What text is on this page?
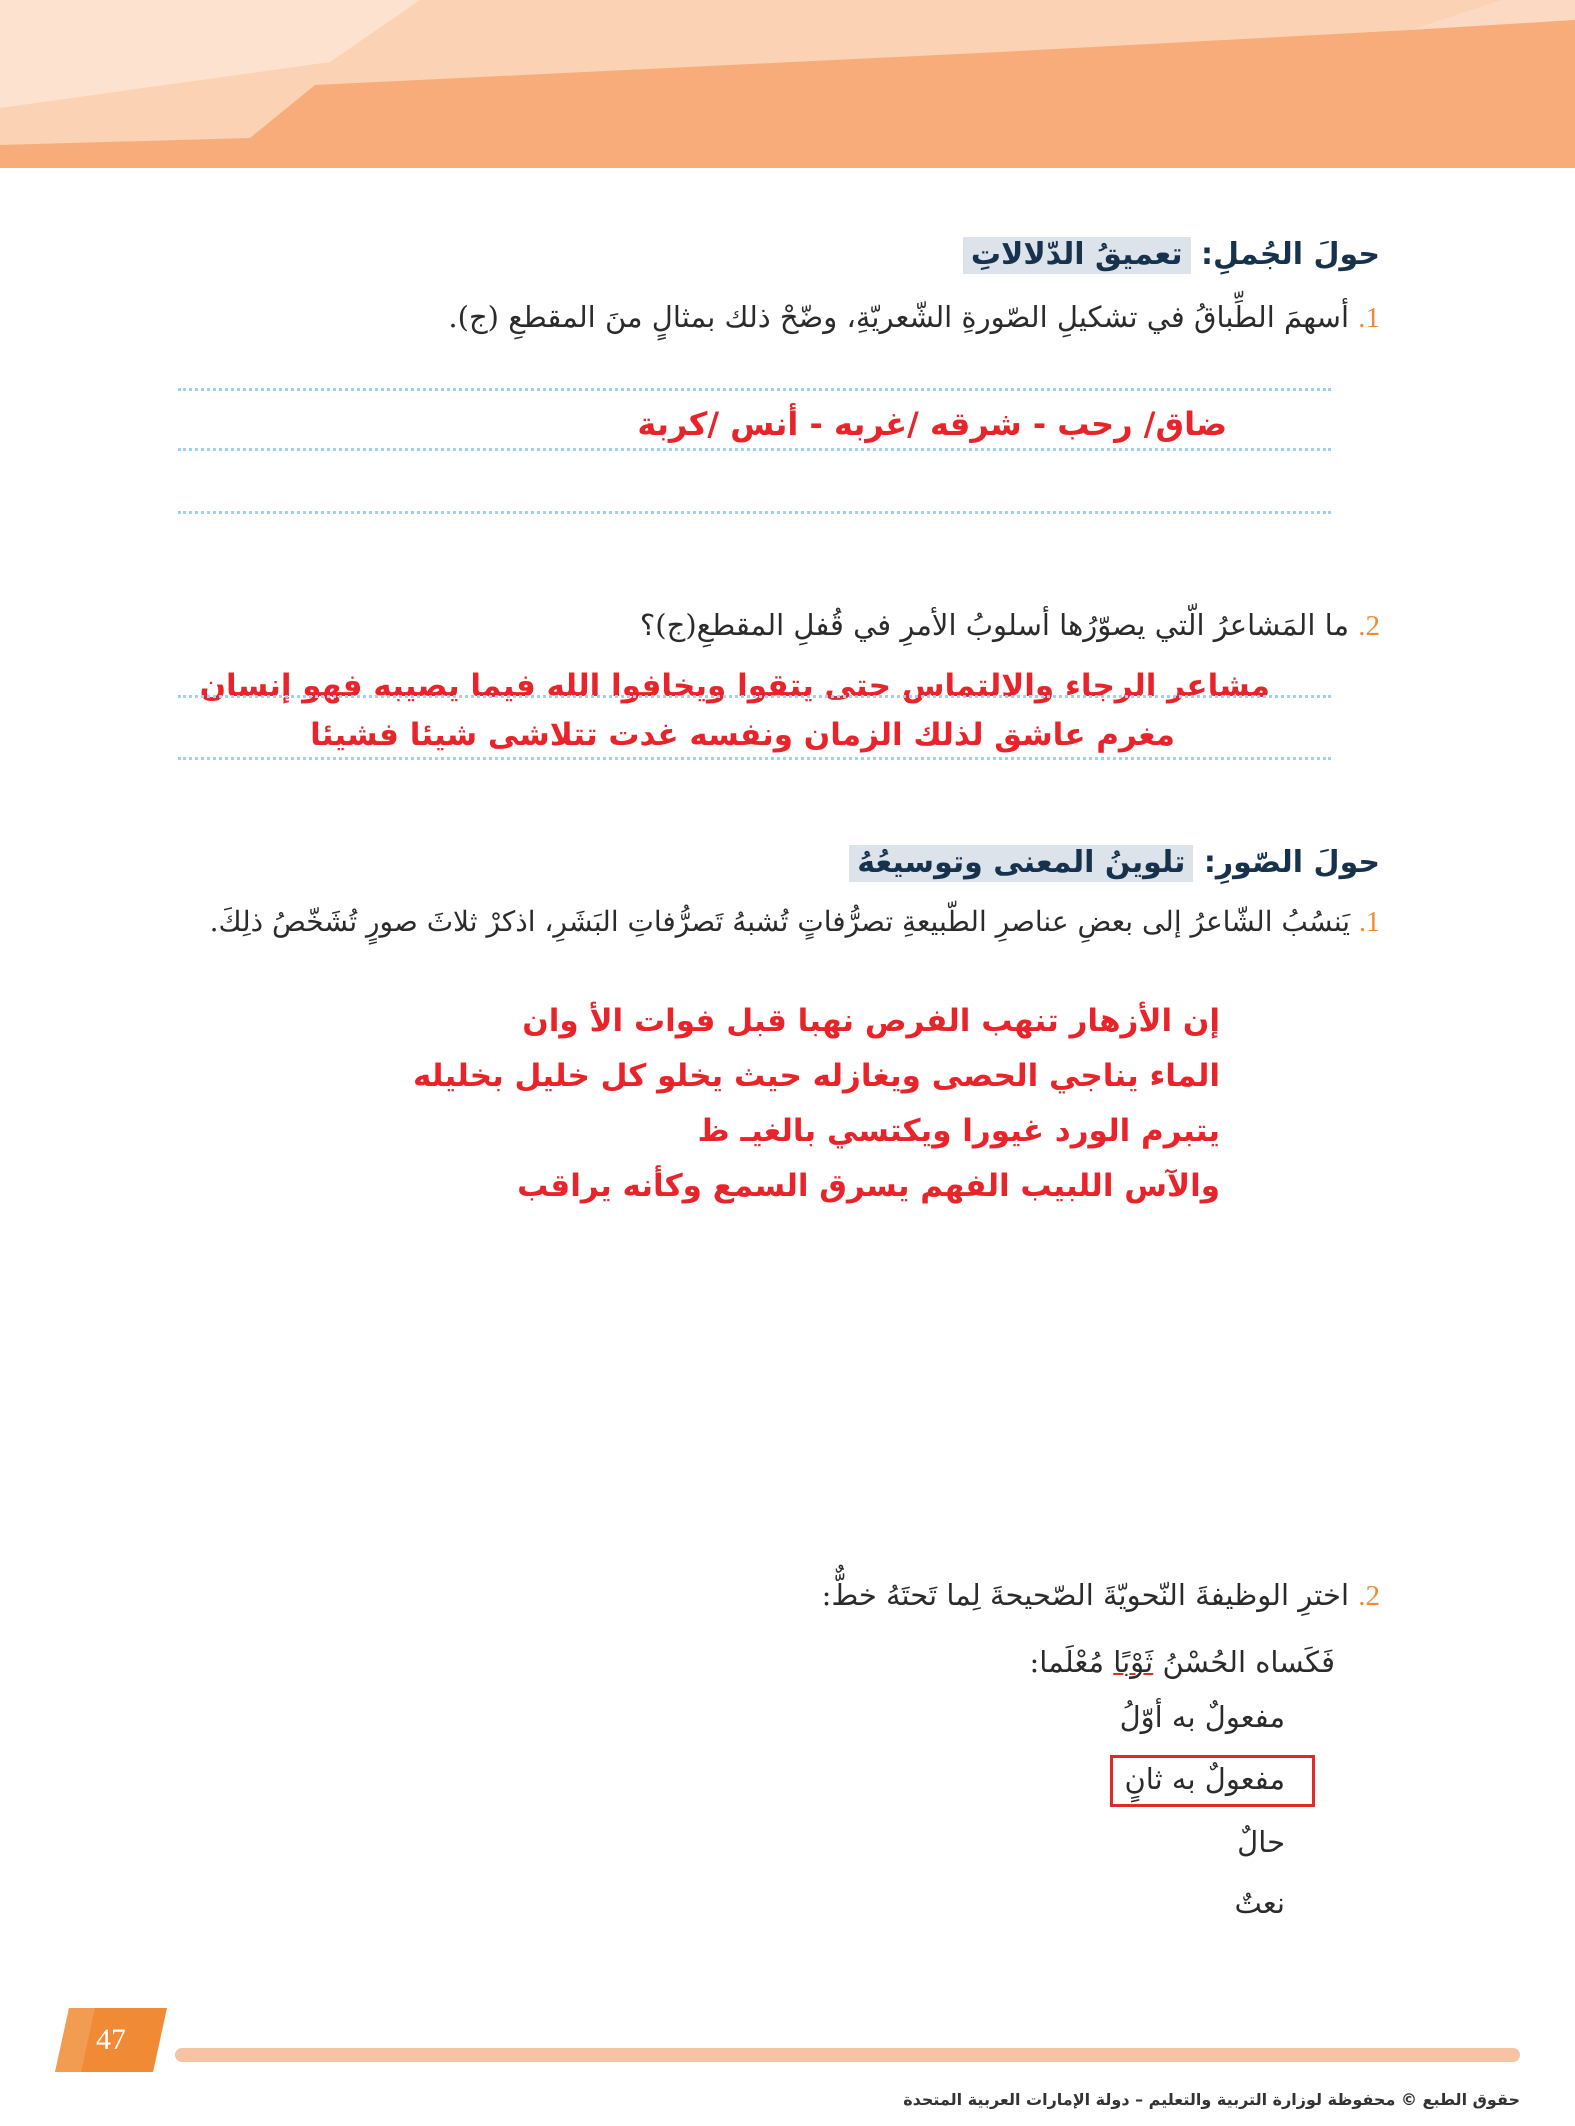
حولَ الجُملِ: تعميقُ الدّلالاتِ
1. أسهمَ الطِّباقُ في تشكيلِ الصّورةِ الشّعريّةِ، وضّحْ ذلك بمثالٍ منَ المقطعِ (ج).
ضاق/ رحب - شرقه /غربه - أنس /كربة
2. ما المَشاعرُ الّتي يصوّرُها أسلوبُ الأمرِ في قُفلِ المقطعِ(ج)؟
مشاعر الرجاء والالتماس حتى يتقوا ويخافوا الله فيما يصيبه فهو إنسان
مغرم عاشق لذلك الزمان ونفسه غدت تتلاشى شيئا فشيئا
حولَ الصّورِ: تلوينُ المعنى وتوسيعُهُ
1. يَنسُبُ الشّاعرُ إلى بعضِ عناصرِ الطّبيعةِ تصرُّفاتٍ تُشبهُ تَصرُّفاتِ البَشَرِ، اذكرْ ثلاثَ صورٍ تُشَخّصُ ذلِكَ.
إن الأزهار تنهب الفرص نهبا قبل فوات الأ وان
الماء يناجي الحصى ويغازله حيث يخلو كل خليل بخليله
يتبرم الورد غيورا ويكتسي بالغيـ ظ
والآس اللبيب الفهم يسرق السمع وكأنه يراقب
2. اخترِ الوظيفةَ النّحويّةَ الصّحيحةَ لِما تَحتَهُ خطٌّ:
فَكَساه الحُسْنُ ثَوْبًا مُعْلَما:
مفعولٌ به أوّلُ
مفعولٌ به ثانٍ
حالٌ
نعتٌ
47
حقوق الطبع © محفوظة لوزارة التربية والتعليم – دولة الإمارات العربية المتحدة
